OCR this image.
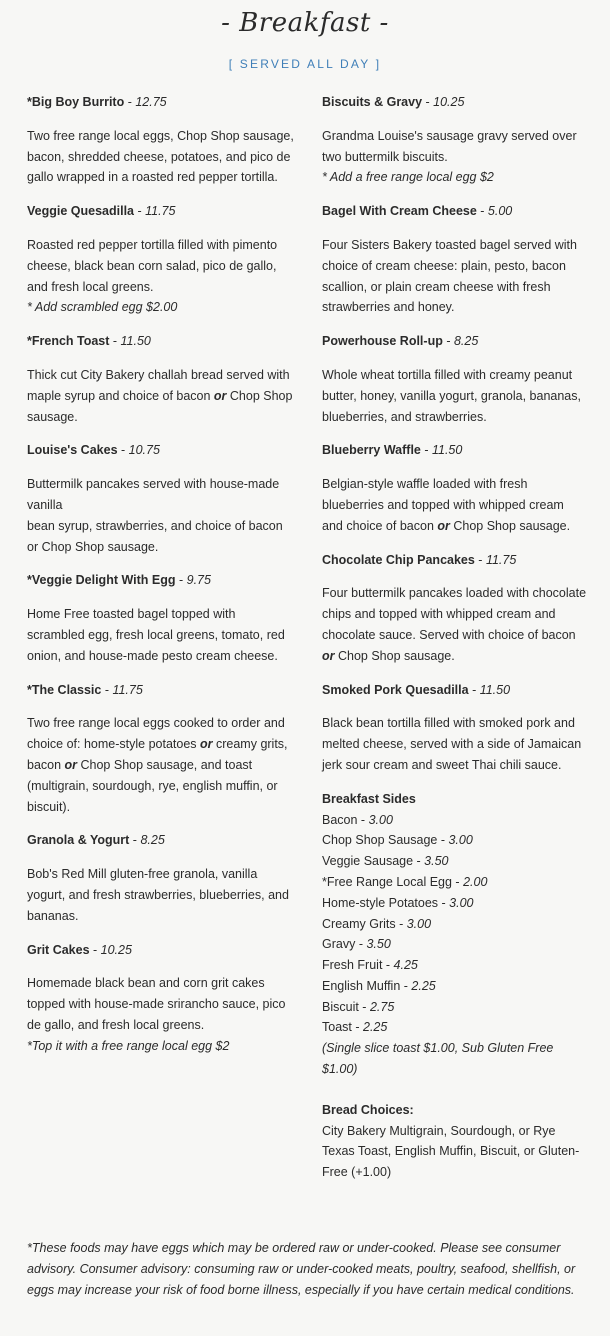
- Breakfast -
[ SERVED ALL DAY ]
*Big Boy Burrito - 12.75
Two free range local eggs, Chop Shop sausage, bacon, shredded cheese, potatoes, and pico de gallo wrapped in a roasted red pepper tortilla.
Veggie Quesadilla - 11.75
Roasted red pepper tortilla filled with pimento cheese, black bean corn salad, pico de gallo, and fresh local greens.
* Add scrambled egg $2.00
*French Toast - 11.50
Thick cut City Bakery challah bread served with maple syrup and choice of bacon or Chop Shop sausage.
Louise's Cakes - 10.75
Buttermilk pancakes served with house-made vanilla
bean syrup, strawberries, and choice of bacon or Chop Shop sausage.
*Veggie Delight With Egg - 9.75
Home Free toasted bagel topped with scrambled egg, fresh local greens, tomato, red onion, and house-made pesto cream cheese.
*The Classic - 11.75
Two free range local eggs cooked to order and choice of: home-style potatoes or creamy grits, bacon or Chop Shop sausage, and toast (multigrain, sourdough, rye, english muffin, or biscuit).
Granola & Yogurt - 8.25
Bob's Red Mill gluten-free granola, vanilla yogurt, and fresh strawberries, blueberries, and bananas.
Grit Cakes - 10.25
Homemade black bean and corn grit cakes topped with house-made srirancho sauce, pico de gallo, and fresh local greens.
*Top it with a free range local egg $2
Biscuits & Gravy - 10.25
Grandma Louise's sausage gravy served over two buttermilk biscuits.
* Add a free range local egg $2
Bagel With Cream Cheese - 5.00
Four Sisters Bakery toasted bagel served with choice of cream cheese: plain, pesto, bacon scallion, or plain cream cheese with fresh strawberries and honey.
Powerhouse Roll-up - 8.25
Whole wheat tortilla filled with creamy peanut butter, honey, vanilla yogurt, granola, bananas, blueberries, and strawberries.
Blueberry Waffle - 11.50
Belgian-style waffle loaded with fresh blueberries and topped with whipped cream and choice of bacon or Chop Shop sausage.
Chocolate Chip Pancakes - 11.75
Four buttermilk pancakes loaded with chocolate chips and topped with whipped cream and chocolate sauce. Served with choice of bacon or Chop Shop sausage.
Smoked Pork Quesadilla - 11.50
Black bean tortilla filled with smoked pork and melted cheese, served with a side of Jamaican jerk sour cream and sweet Thai chili sauce.
Breakfast Sides
Bacon - 3.00
Chop Shop Sausage - 3.00
Veggie Sausage - 3.50
*Free Range Local Egg - 2.00
Home-style Potatoes - 3.00
Creamy Grits - 3.00
Gravy - 3.50
Fresh Fruit - 4.25
English Muffin - 2.25
Biscuit - 2.75
Toast - 2.25
(Single slice toast $1.00, Sub Gluten Free $1.00)
Bread Choices:
City Bakery Multigrain, Sourdough, or Rye Texas Toast, English Muffin, Biscuit, or Gluten-Free (+1.00)
*These foods may have eggs which may be ordered raw or under-cooked. Please see consumer advisory. Consumer advisory: consuming raw or under-cooked meats, poultry, seafood, shellfish, or eggs may increase your risk of food borne illness, especially if you have certain medical conditions.
